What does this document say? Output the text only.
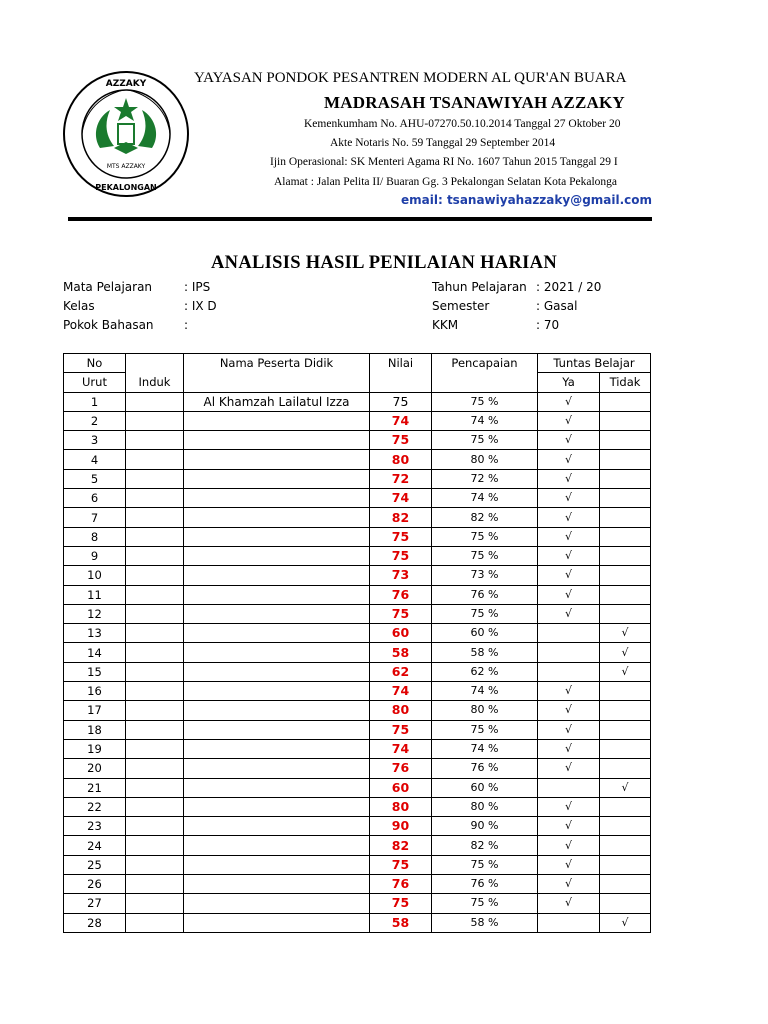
AZZAKY
PEKALONGAN
MTS AZZAKY
YAYASAN PONDOK PESANTREN MODERN AL QUR'AN BUARA
MADRASAH TSANAWIYAH AZZAKY
Kemenkumham No. AHU-07270.50.10.2014 Tanggal 27 Oktober 20
Akte Notaris No. 59 Tanggal 29 September 2014
Ijin Operasional: SK Menteri Agama RI No. 1607 Tahun 2015 Tanggal 29 I
Alamat : Jalan Pelita II/ Buaran Gg. 3 Pekalongan Selatan Kota Pekalonga
email: tsanawiyahazzaky@gmail.com
ANALISIS HASIL PENILAIAN HARIAN
Mata Pelajaran	: IPS
Kelas	: IX D
Pokok Bahasan	:
Tahun Pelajaran : 2021 / 20
Semester	: Gasal
KKM	: 70
No		Nama Peserta Didik	Nilai	Pencapaian	Tuntas Belajar	
Urut	Induk				Ya	Tidak
1		Al Khamzah Lailatul Izza	75	75 %	√	
2			74	74 %	√	
3			75	75 %	√	
4			80	80 %	√	
5			72	72 %	√	
6			74	74 %	√	
7			82	82 %	√	
8			75	75 %	√	
9			75	75 %	√	
10			73	73 %	√	
11			76	76 %	√	
12			75	75 %	√	
13			60	60 %		√
14			58	58 %		√
15			62	62 %		√
16			74	74 %	√	
17			80	80 %	√	
18			75	75 %	√	
19			74	74 %	√	
20			76	76 %	√	
21			60	60 %		√
22			80	80 %	√	
23			90	90 %	√	
24			82	82 %	√	
25			75	75 %	√	
26			76	76 %	√	
27			75	75 %	√	
28			58	58 %		√
